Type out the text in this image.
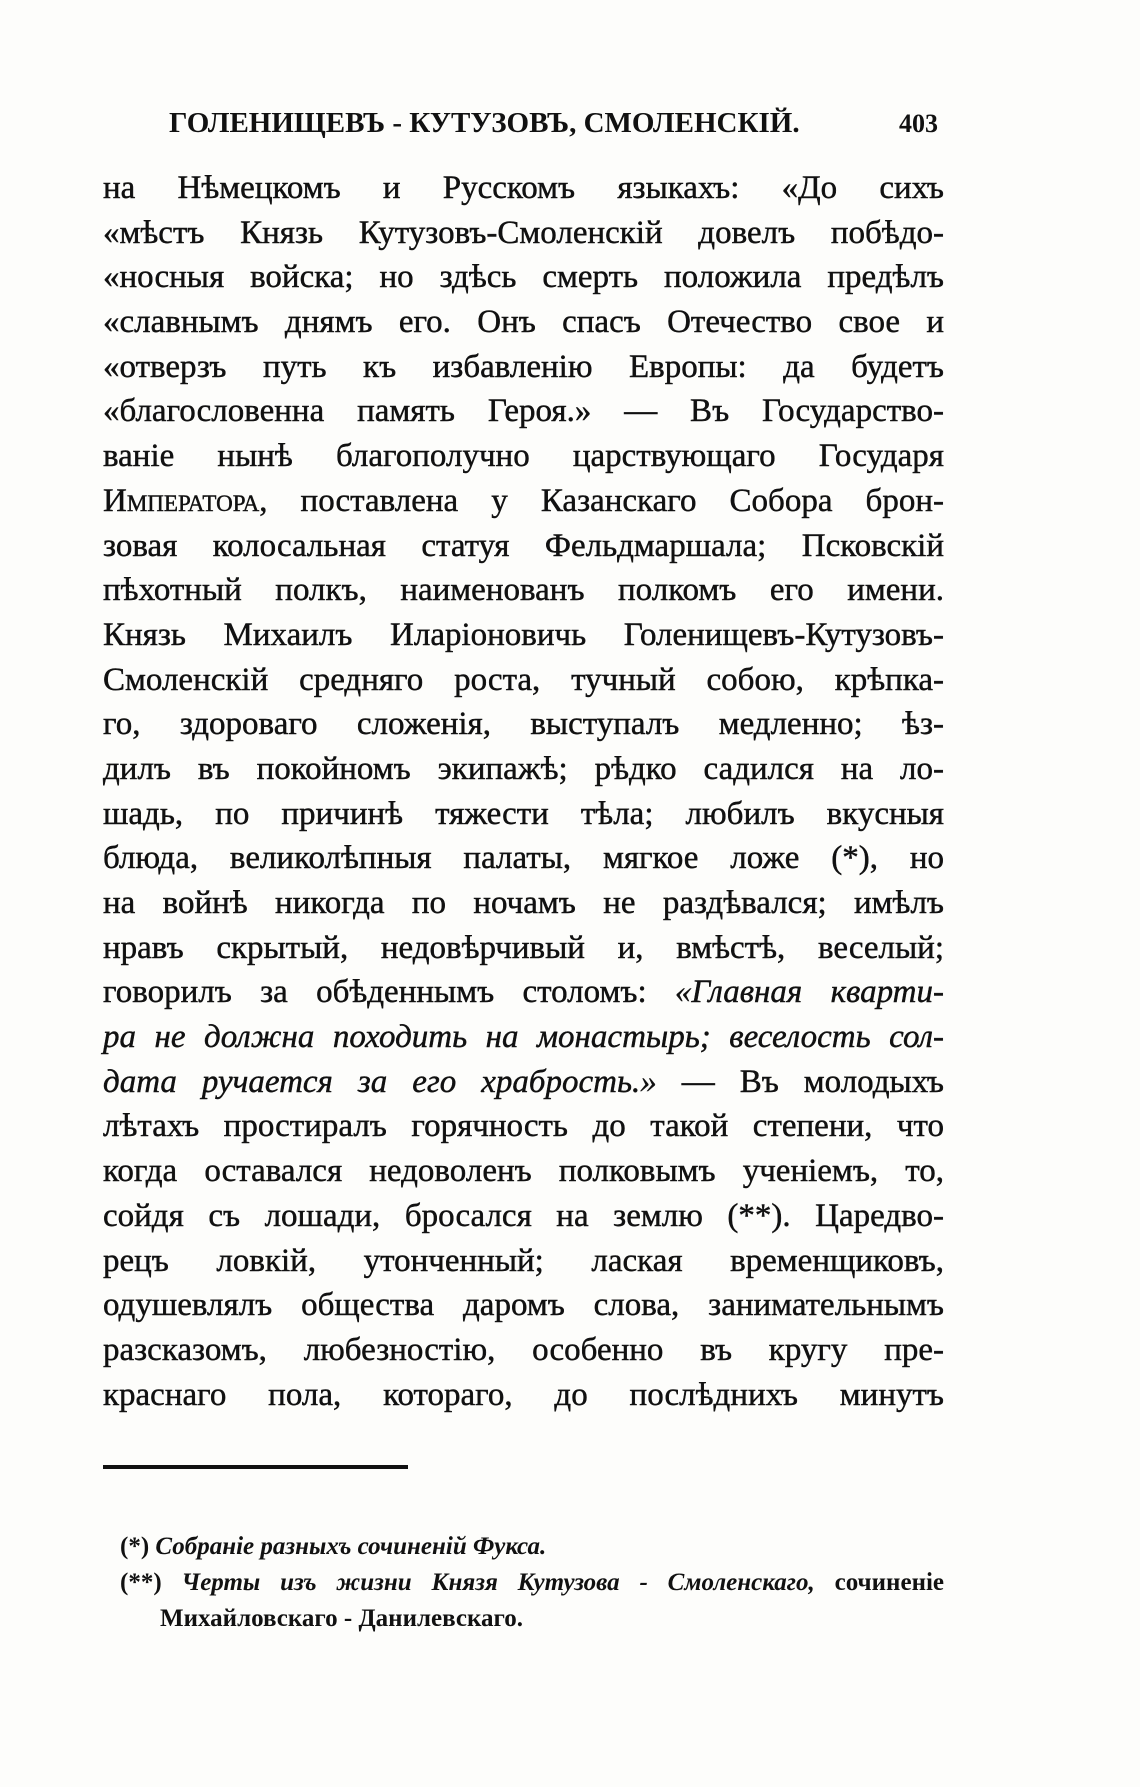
ГОЛЕНИЩЕВЪ - КУТУЗОВЪ, СМОЛЕНСКІЙ.	403
на Нѣмецкомъ и Русскомъ языкахъ: «До сихъ
«мѣстъ Князь Кутузовъ-Смоленскій довелъ побѣдо-
«носныя войска; но здѣсь смерть положила предѣлъ
«славнымъ днямъ его. Онъ спасъ Отечество свое и
«отверзъ путь къ избавленію Европы: да будетъ
«благословенна память Героя.» — Въ Государство-
ваніе нынѣ благополучно царствующаго Государя
Императора, поставлена у Казанскаго Собора брон-
зовая колосальная статуя Фельдмаршала; Псковскій
пѣхотный полкъ, наименованъ полкомъ его имени.
Князь Михаилъ Иларіоновичь Голенищевъ-Кутузовъ-
Смоленскій средняго роста, тучный собою, крѣпка-
го, здороваго сложенія, выступалъ медленно; ѣз-
дилъ въ покойномъ экипажѣ; рѣдко садился на ло-
шадь, по причинѣ тяжести тѣла; любилъ вкусныя
блюда, великолѣпныя палаты, мягкое ложе (*), но
на войнѣ никогда по ночамъ не раздѣвался; имѣлъ
нравъ скрытый, недовѣрчивый и, вмѣстѣ, веселый;
говорилъ за обѣденнымъ столомъ: «Главная кварти-
ра не должна походить на монастырь; веселость сол-
дата ручается за его храбрость.» — Въ молодыхъ
лѣтахъ простиралъ горячность до такой степени, что
когда оставался недоволенъ полковымъ ученіемъ, то,
сойдя съ лошади, бросался на землю (**). Царедво-
рецъ ловкій, утонченный; лаская временщиковъ,
одушевлялъ общества даромъ слова, занимательнымъ
разсказомъ, любезностію, особенно въ кругу пре-
краснаго пола, котораго, до послѣднихъ минутъ
(*) Собраніе разныхъ сочиненій Фукса.
(**) Черты изъ жизни Князя Кутузова - Смоленскаго, сочиненіе
Михайловскаго - Данилевскаго.
